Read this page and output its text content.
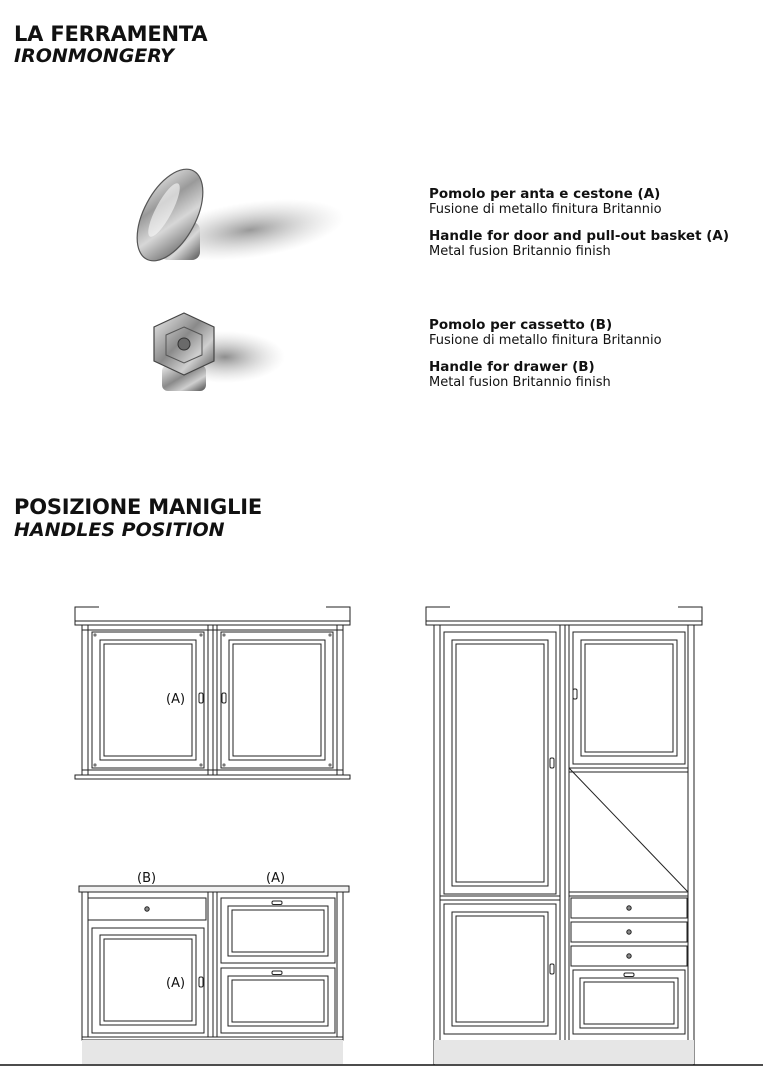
LA FERRAMENTA
IRONMONGERY
Pomolo per anta e cestone (A)
Fusione di metallo finitura Britannio
Handle for door and pull-out basket (A)
Metal fusion Britannio finish
Pomolo per cassetto (B)
Fusione di metallo finitura Britannio
Handle for drawer (B)
Metal fusion Britannio finish
POSIZIONE MANIGLIE
HANDLES POSITION
(A)
(B)	(A)
(A)
